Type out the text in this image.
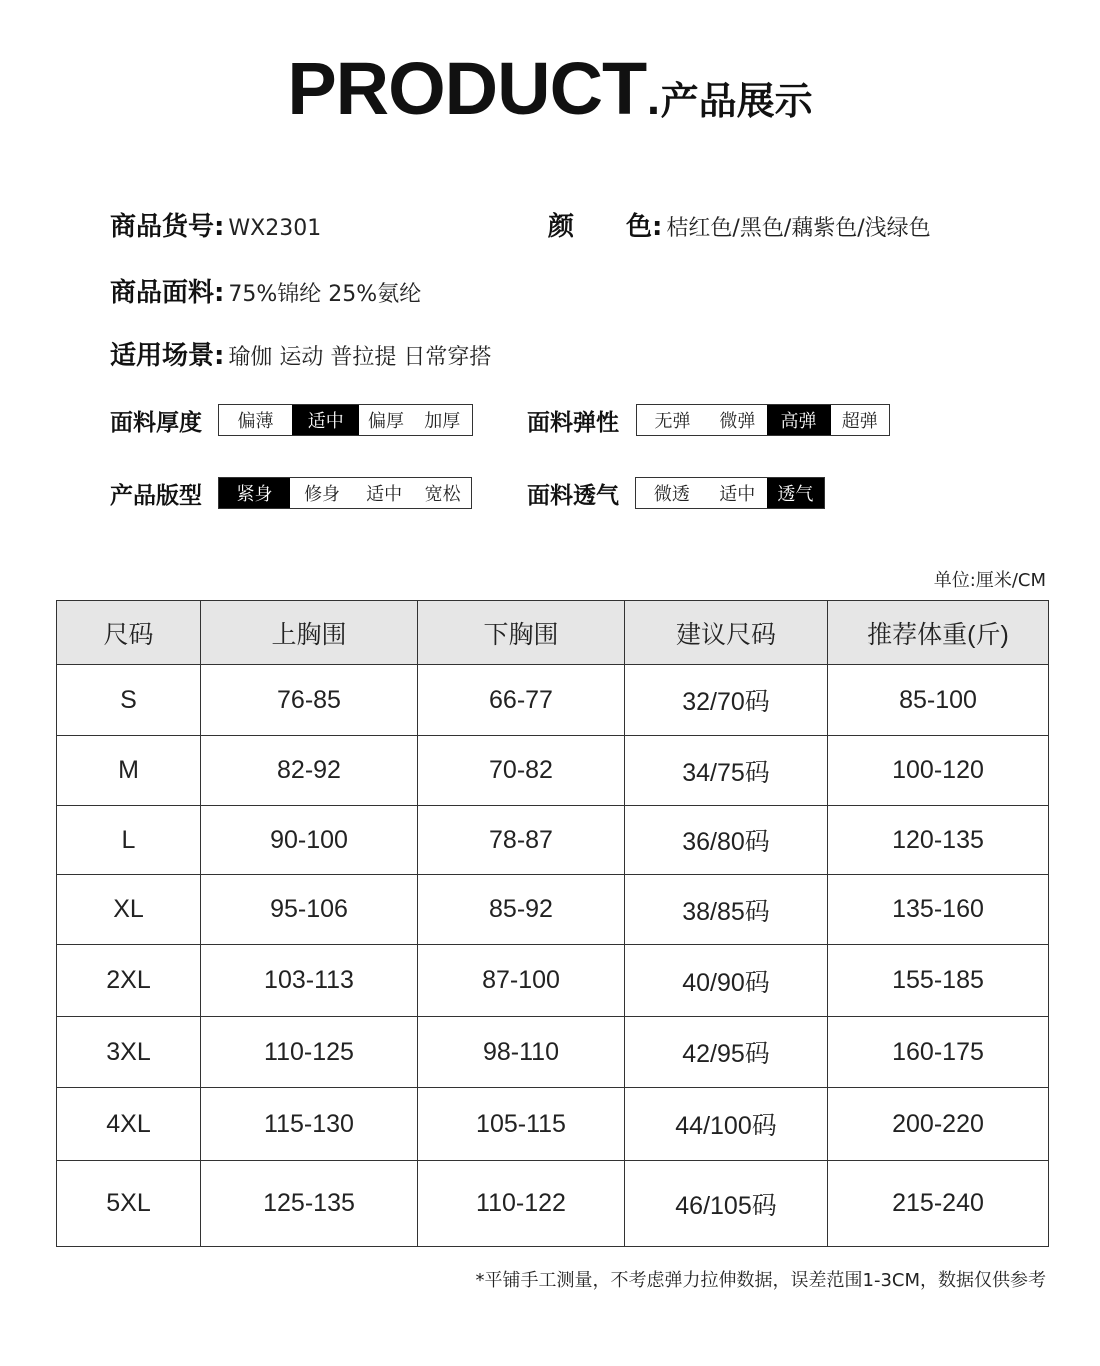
PRODUCT.产品展示
商品货号: WX2301	颜　　色: 桔红色/黑色/藕紫色/浅绿色
商品面料: 75%锦纶 25%氨纶
适用场景: 瑜伽 运动 普拉提 日常穿搭
面料厚度	偏薄	适中	偏厚	加厚	面料弹性	无弹	微弹	高弹	超弹
产品版型	紧身	修身	适中	宽松	面料透气	微透	适中	透气
单位:厘米/CM
尺码	上胸围	下胸围	建议尺码	推荐体重(斤)
S	76-85	66-77	32/70码	85-100
M	82-92	70-82	34/75码	100-120
L	90-100	78-87	36/80码	120-135
XL	95-106	85-92	38/85码	135-160
2XL	103-113	87-100	40/90码	155-185
3XL	110-125	98-110	42/95码	160-175
4XL	115-130	105-115	44/100码	200-220
5XL	125-135	110-122	46/105码	215-240
*平铺手工测量，不考虑弹力拉伸数据，误差范围1-3CM，数据仅供参考
